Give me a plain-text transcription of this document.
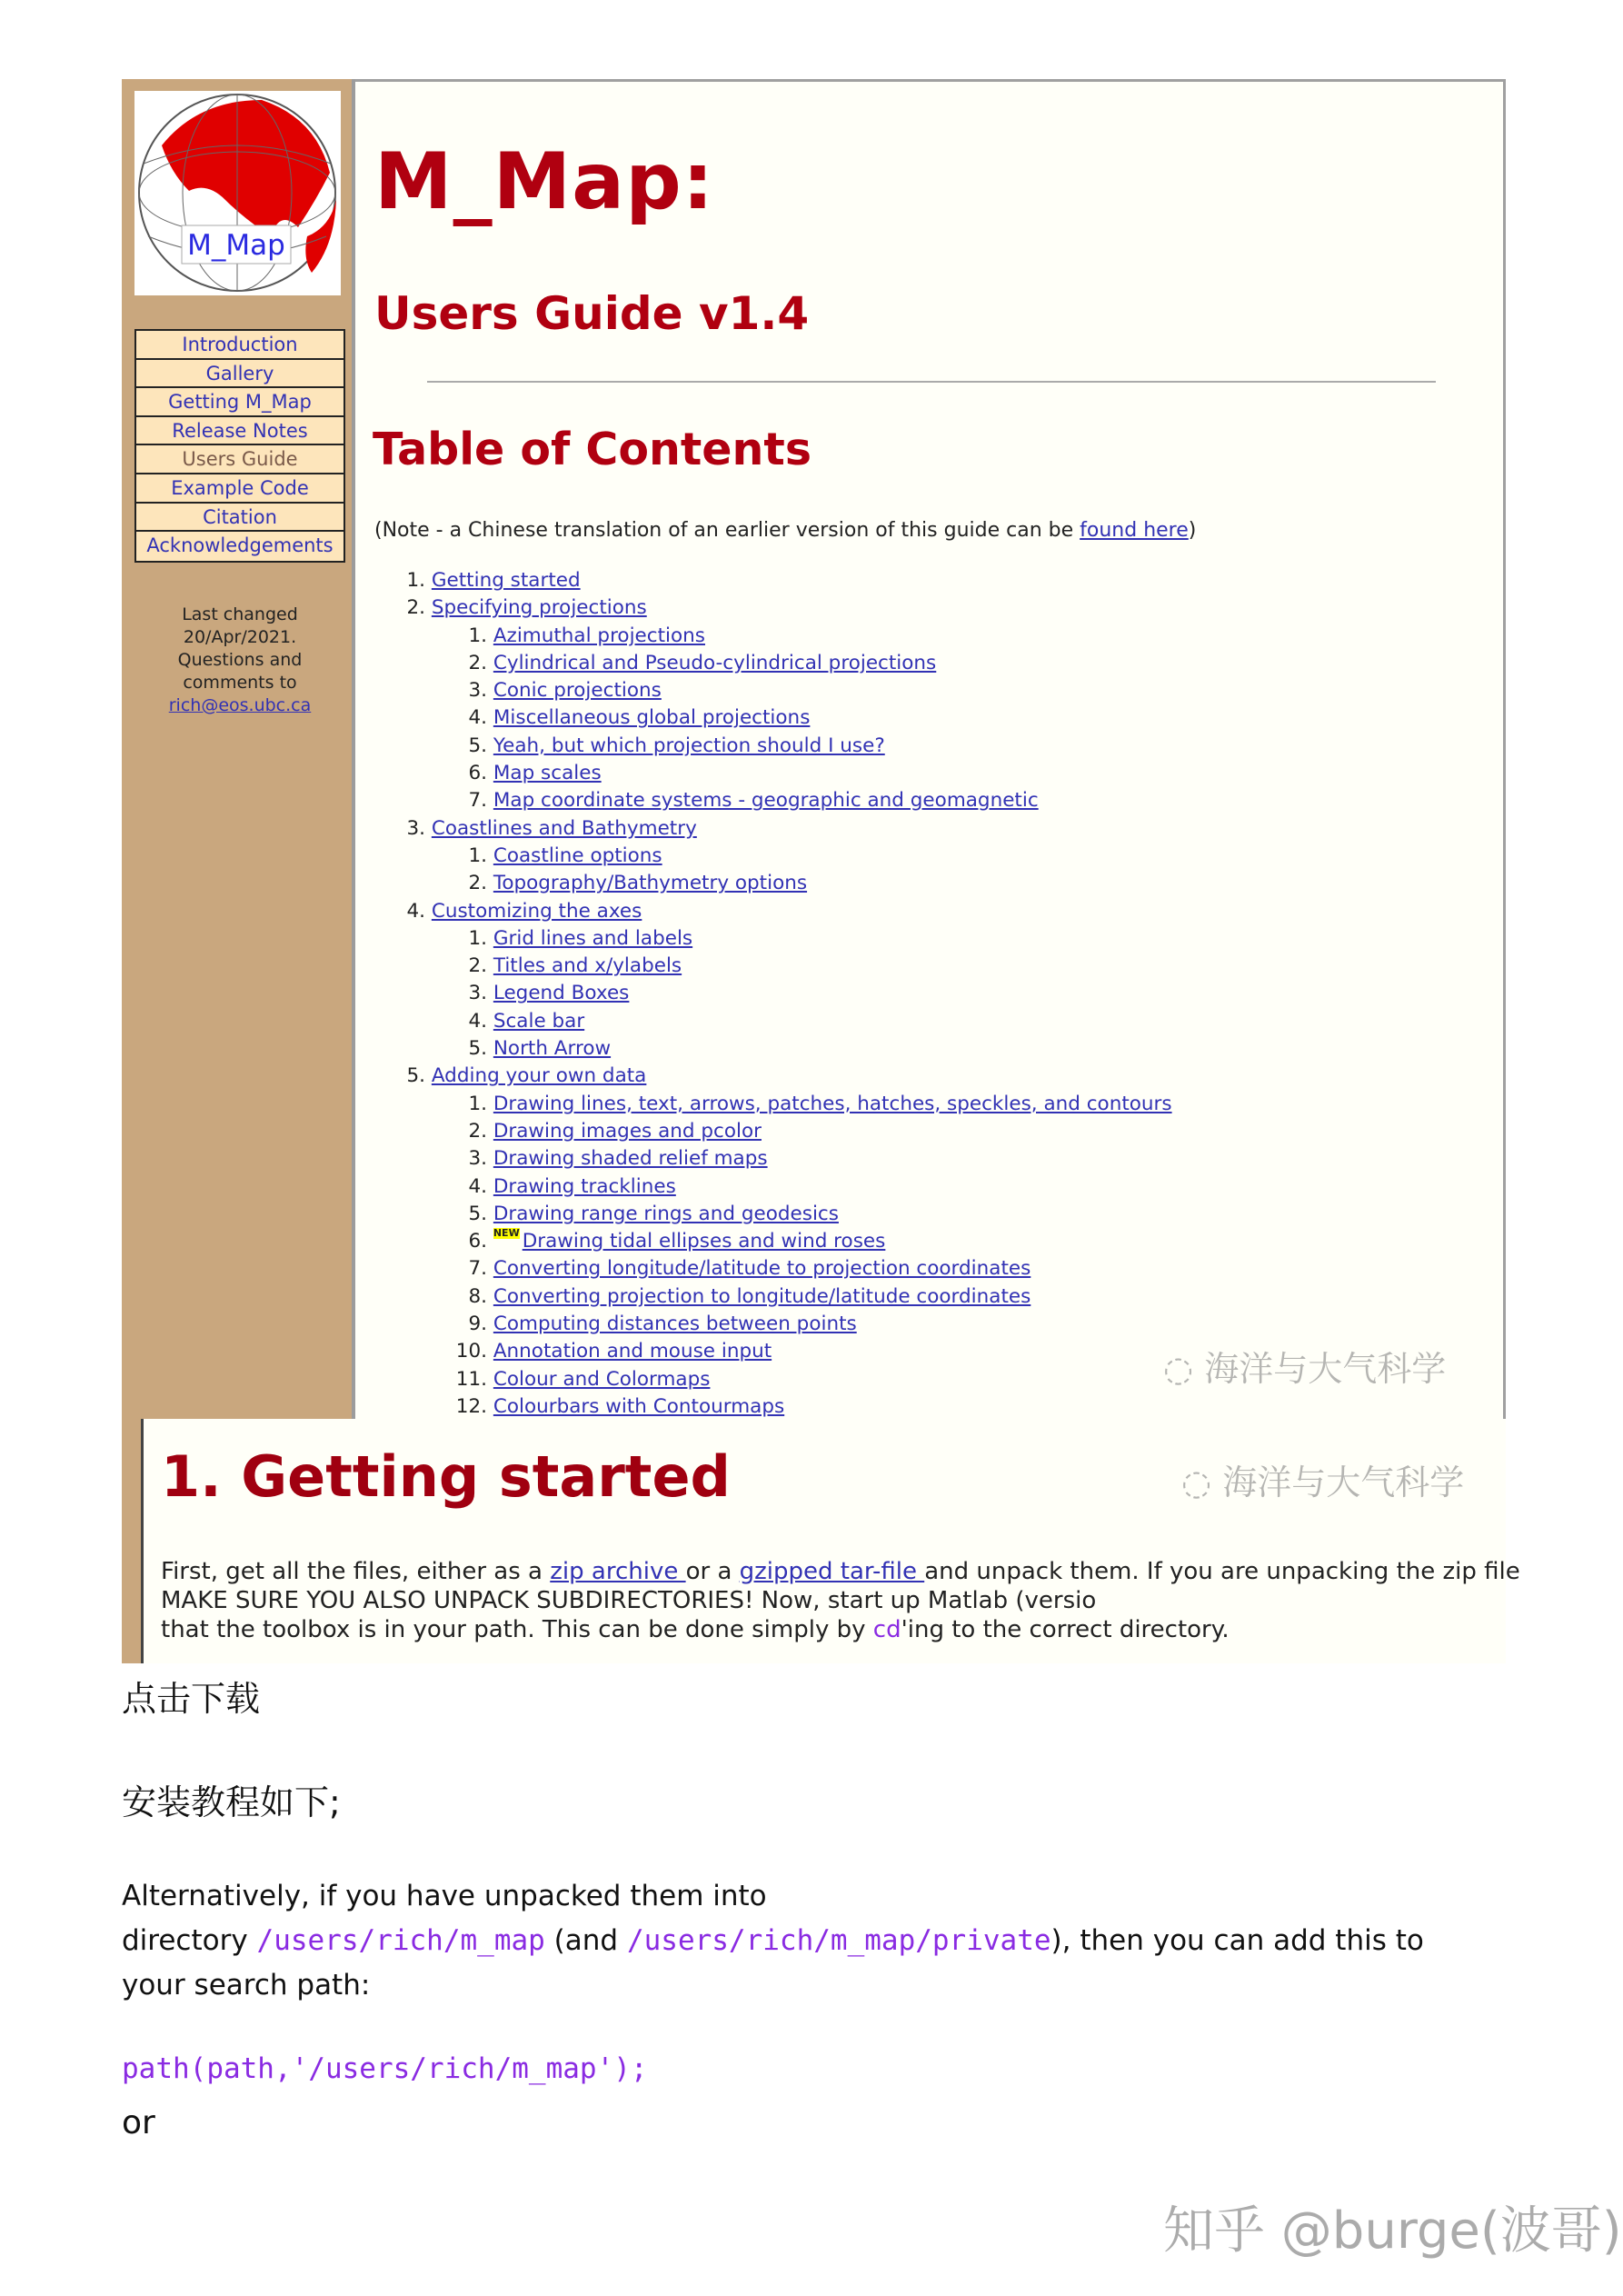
M_Map
Introduction
Gallery
Getting M_Map
Release Notes
Users Guide
Example Code
Citation
Acknowledgements
Last changed
20/Apr/2021.
Questions and
comments to
rich@eos.ubc.ca
M_Map:
Users Guide v1.4
Table of Contents
(Note - a Chinese translation of an earlier version of this guide can be found here)
1. Getting started
2. Specifying projections
1. Azimuthal projections
2. Cylindrical and Pseudo-cylindrical projections
3. Conic projections
4. Miscellaneous global projections
5. Yeah, but which projection should I use?
6. Map scales
7. Map coordinate systems - geographic and geomagnetic
3. Coastlines and Bathymetry
1. Coastline options
2. Topography/Bathymetry options
4. Customizing the axes
1. Grid lines and labels
2. Titles and x/ylabels
3. Legend Boxes
4. Scale bar
5. North Arrow
5. Adding your own data
1. Drawing lines, text, arrows, patches, hatches, speckles, and contours
2. Drawing images and pcolor
3. Drawing shaded relief maps
4. Drawing tracklines
5. Drawing range rings and geodesics
6. NEW Drawing tidal ellipses and wind roses
7. Converting longitude/latitude to projection coordinates
8. Converting projection to longitude/latitude coordinates
9. Computing distances between points
10. Annotation and mouse input
11. Colour and Colormaps
12. Colourbars with Contourmaps
1. Getting started
First, get all the files, either as a zip archive or a gzipped tar-file and unpack them. If you are unpacking the zip file MAKE SURE YOU ALSO UNPACK SUBDIRECTORIES! Now, start up Matlab (versio
that the toolbox is in your path. This can be done simply by cd'ing to the correct directory.
点击下载
安装教程如下;
Alternatively, if you have unpacked them into
directory /users/rich/m_map (and /users/rich/m_map/private), then you can add this to
your search path:
path(path,'/users/rich/m_map');
or
◌ 海洋与大气科学
◌ 海洋与大气科学
知乎 @burge(波哥)
